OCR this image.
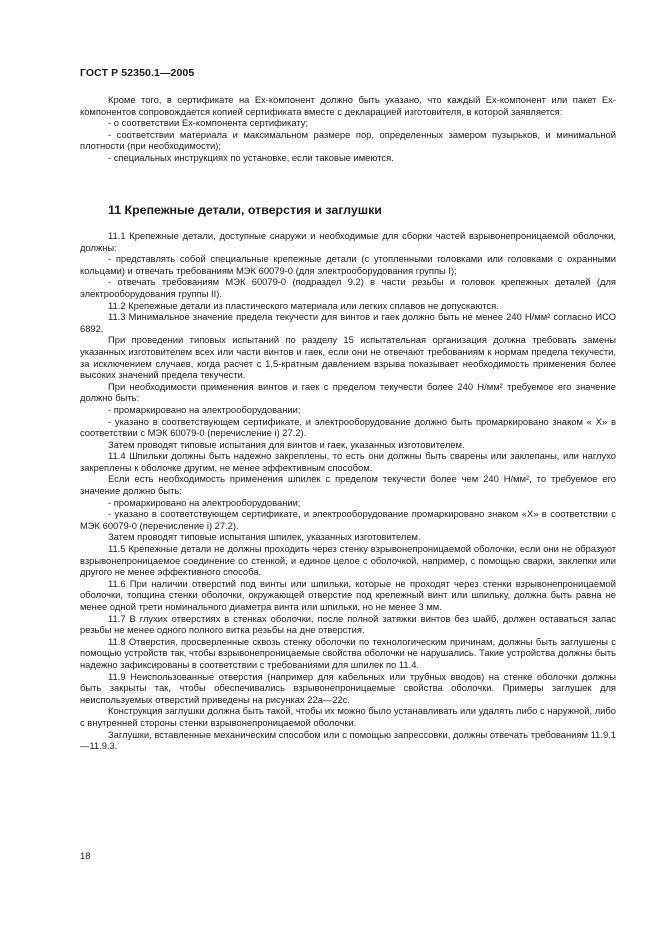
ГОСТ Р 52350.1—2005

Кроме того, в сертификате на Ех-компонент должно быть указано, что каждый Ех-компонент или пакет Ех-компонентов сопровождается копией сертификата вместе с декларацией изготовителя, в которой заявляется:

- о соответствии Ех-компонента сертификату;

- соответствии материала и максимальном размере пор, определенных замером пузырьков, и минимальной плотности (при необходимости);

- специальных инструкциях по установке, если таковые имеются.

11 Крепежные детали, отверстия и заглушки

11.1 Крепежные детали, доступные снаружи и необходимые для сборки частей взрывонепроницаемой оболочки, должны:

- представлять собой специальные крепежные детали (с утопленными головками или головками с охранными кольцами) и отвечать требованиям МЭК 60079-0 (для электрооборудования группы I);

- отвечать требованиям МЭК 60079-0 (подраздел 9.2) в части резьбы и головок крепежных деталей (для электрооборудования группы II).

11.2 Крепежные детали из пластического материала или легких сплавов не допускаются.

11.3 Минимальное значение предела текучести для винтов и гаек должно быть не менее 240 Н/мм² согласно ИСО 6892.

При проведении типовых испытаний по разделу 15 испытательная организация должна требовать замены указанных изготовителем всех или части винтов и гаек, если они не отвечают требованиям к нормам предела текучести, за исключением случаев, когда расчет с 1,5-кратным давлением взрыва показывает необходимость применения более высоких значений предела текучести.

При необходимости применения винтов и гаек с пределом текучести более 240 Н/мм² требуемое его значение должно быть:

- промаркировано на электрооборудовании;

- указано в соответствующем сертификате, и электрооборудование должно быть промаркировано знаком « Х» в соответствии с МЭК 60079-0 (перечисление i) 27.2).

Затем проводят типовые испытания для винтов и гаек, указанных изготовителем.

11.4 Шпильки должны быть надежно закреплены, то есть они должны быть сварены или заклепаны, или наглухо закреплены к оболочке другим, не менее эффективным способом.

Если есть необходимость применения шпилек с пределом текучести более чем 240 Н/мм², то требуемое его значение должно быть:

- промаркировано на электрооборудовании;

- указано в соответствующем сертификате, и электрооборудование промаркировано знаком «Х» в соответствии с МЭК 60079-0 (перечисление i) 27.2).

Затем проводят типовые испытания шпилек, указанных изготовителем.

11.5 Крепежные детали не должны проходить через стенку взрывонепроницаемой оболочки, если они не образуют взрывонепроницаемое соединение со стенкой, и единое целое с оболочкой, например, с помощью сварки, заклепки или другого не менее эффективного способа.

11.6 При наличии отверстий под винты или шпильки, которые не проходят через стенки взрывонепроницаемой оболочки, толщина стенки оболочки, окружающей отверстие под крепежный винт или шпильку, должна быть равна не менее одной трети номинального диаметра винта или шпильки, но не менее 3 мм.

11.7 В глухих отверстиях в стенках оболочки, после полной затяжки винтов без шайб, должен оставаться запас резьбы не менее одного полного витка резьбы на дне отверстия.

11.8 Отверстия, просверленные сквозь стенку оболочки по технологическим причинам, должны быть заглушены с помощью устройств так, чтобы взрывонепроницаемые свойства оболочки не нарушались. Такие устройства должны быть надежно зафиксированы в соответствии с требованиями для шпилек по 11.4.

11.9 Неиспользованные отверстия (например для кабельных или трубных вводов) на стенке оболочки должны быть закрыты так, чтобы обеспечивались взрывонепроницаемые свойства оболочки. Примеры заглушек для неиспользуемых отверстий приведены на рисунках 22а—22с.

Конструкция заглушки должна быть такой, чтобы их можно было устанавливать или удалять либо с наружной, либо с внутренней стороны стенки взрывонепроницаемой оболочки.

Заглушки, вставленные механическим способом или с помощью запрессовки, должны отвечать требованиям 11.9.1—11.9.3.

18
